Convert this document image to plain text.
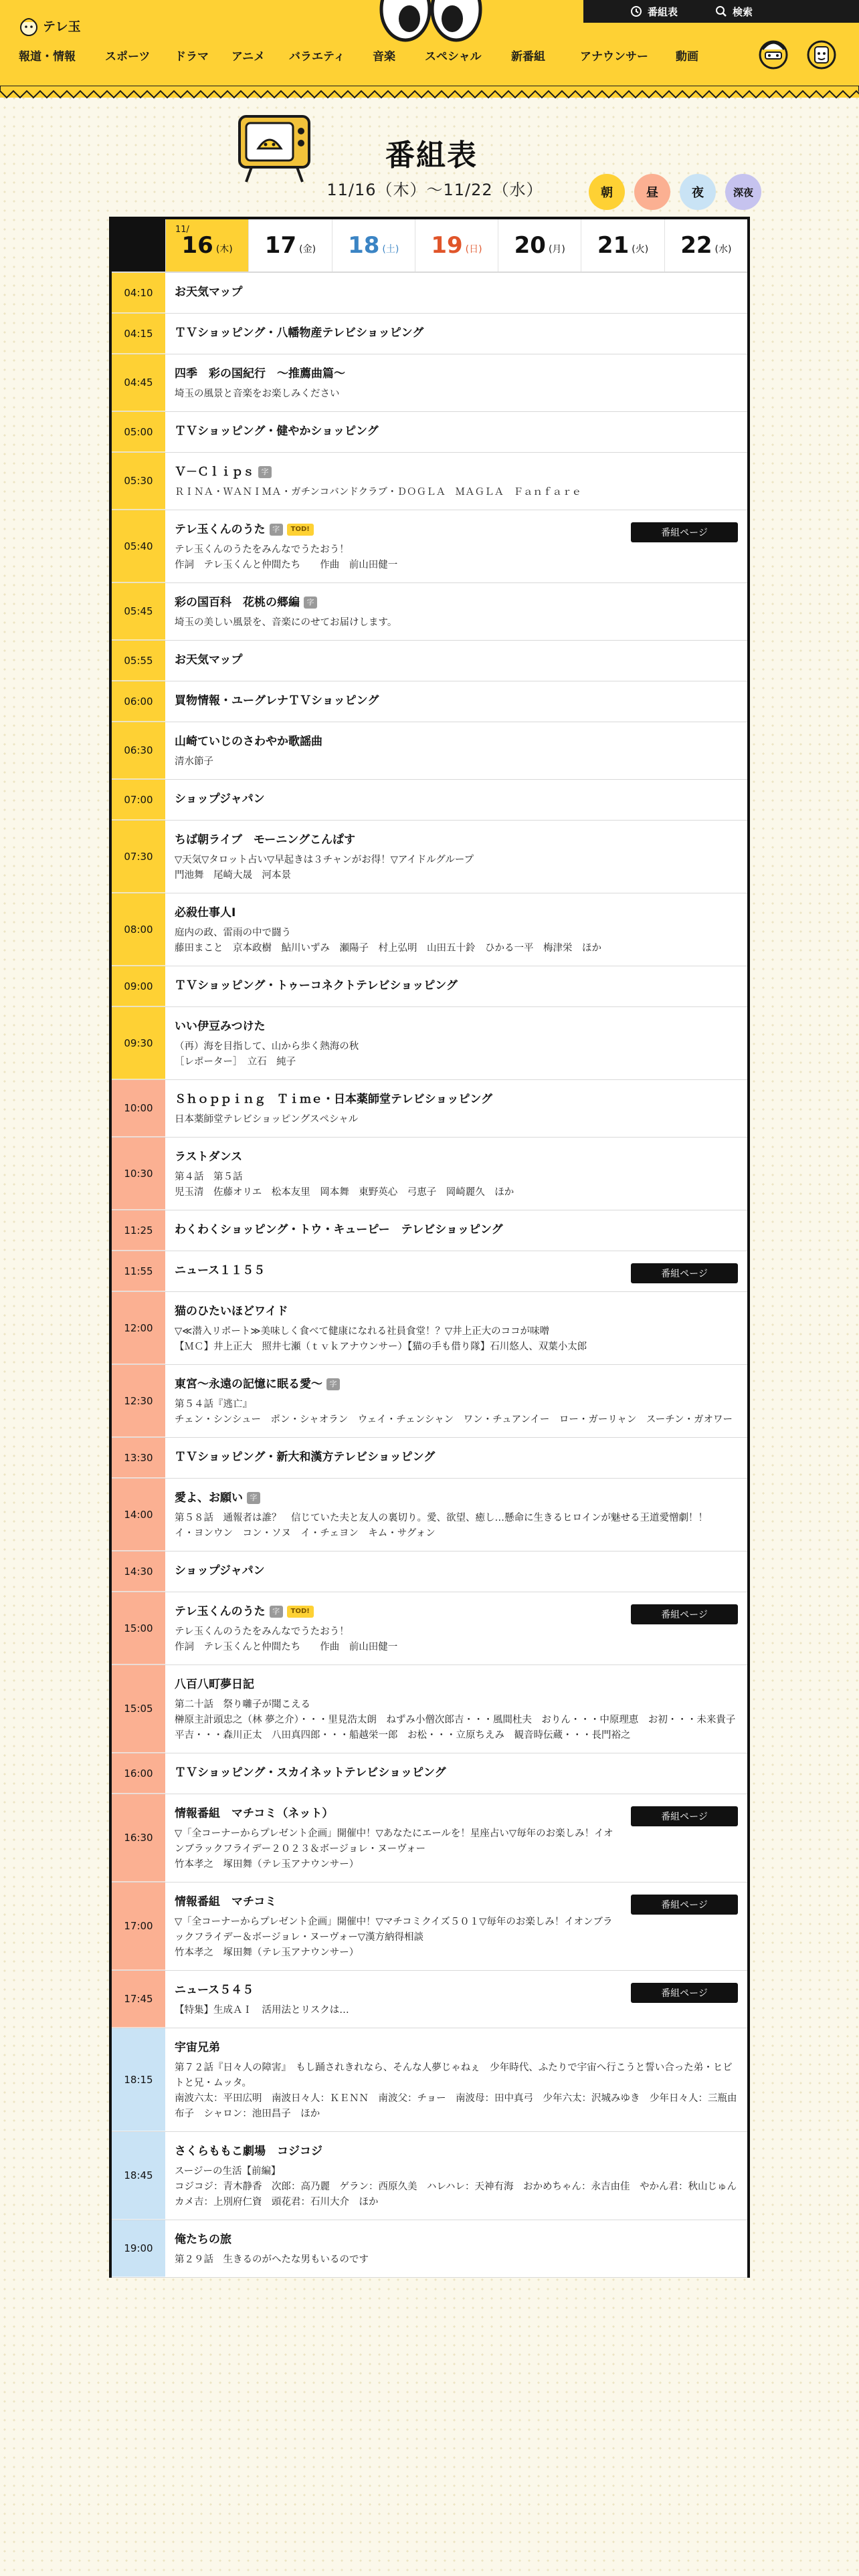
テレ玉
番組表	検索
報道・情報	スポーツ	ドラマ	アニメ	バラエティ	音楽	スペシャル	新番組	アナウンサー	動画
番組表
11/16（木）～11/22（水）	朝	昼	夜	深夜
11/
16 (木) 17 (金) 18 (土) 19 (日) 20 (月) 21 (火) 22 (水)
04:10	お天気マップ
04:15	ＴＶショッピング・八幡物産テレビショッピング
04:45
四季　彩の国紀行　～推薦曲篇～
埼玉の風景と音楽をお楽しみください
05:00	ＴＶショッピング・健やかショッピング
05:30
Ｖ－Ｃｌｉｐｓ 字
ＲＩＮＡ・ＷＡＮＩＭＡ・ガチンコバンドクラブ・ＤＯＧＬＡ　ＭＡＧＬＡ　Ｆａｎｆａｒｅ
05:40
テレ玉くんのうた 字	TOD!
テレ玉くんのうたをみんなでうたおう！
作詞　テレ玉くんと仲間たち　　作曲　前山田健一
番組ページ
05:45
彩の国百科　花桃の郷編 字
埼玉の美しい風景を、音楽にのせてお届けします。
05:55	お天気マップ
06:00	買物情報・ユーグレナＴＶショッピング
06:30
山崎ていじのさわやか歌謡曲
清水節子
07:00	ショップジャパン
07:30
ちば朝ライブ　モーニングこんぱす
▽天気▽タロット占い▽早起きは３チャンがお得！▽アイドルグループ
門池舞　尾崎大晟　河本景
08:00
必殺仕事人Ⅰ
庭内の政、雷雨の中で闘う
藤田まこと　京本政樹　鮎川いずみ　瀬陽子　村上弘明　山田五十鈴　ひかる一平　梅津栄　ほか
09:00	ＴＶショッピング・トゥーコネクトテレビショッピング
09:30
いい伊豆みつけた
（再）海を目指して、山から歩く熱海の秋
［レポーター］　立石　純子
10:00
Ｓｈｏｐｐｉｎｇ　Ｔｉｍｅ・日本薬師堂テレビショッピング
日本薬師堂テレビショッピングスペシャル
10:30
ラストダンス
第４話　第５話
児玉清　佐藤オリエ　松本友里　岡本舞　東野英心　弓恵子　岡崎麗久　ほか
11:25	わくわくショッピング・トウ・キューピー　テレビショッピング
11:55	ニュース１１５５	番組ページ
12:00
猫のひたいほどワイド
▽≪潜入リポート≫美味しく食べて健康になれる社員食堂！？▽井上正大のココが味噌
【ＭＣ】井上正大　照井七瀬（ｔｖｋアナウンサー）【猫の手も借り隊】石川悠人、双葉小太郎
12:30
東宮～永遠の記憶に眠る愛～ 字
第５４話『逃亡』
チェン・シンシュー　ポン・シャオラン　ウェイ・チェンシャン　ワン・チュアンイー　ロー・ガーリャン　スーチン・ガオワー
13:30	ＴＶショッピング・新大和漢方テレビショッピング
14:00
愛よ、お願い 字
第５８話　通報者は誰？　信じていた夫と友人の裏切り。愛、欲望、癒し…懸命に生きるヒロインが魅せる王道愛憎劇！！
イ・ヨンウン　コン・ソヌ　イ・チェヨン　キム・サグォン
14:30	ショップジャパン
15:00
テレ玉くんのうた 字	TOD!
テレ玉くんのうたをみんなでうたおう！
作詞　テレ玉くんと仲間たち　　作曲　前山田健一
番組ページ
15:05
八百八町夢日記
第二十話　祭り囃子が聞こえる
榊原主計頭忠之（林 夢之介）・・・里見浩太朗　ねずみ小僧次郎吉・・・風間杜夫　おりん・・・中原理恵　お初・・・未来貴子　平吉・・・森川正太　八田真四郎・・・船越栄一郎　お松・・・立原ちえみ　観音時伝蔵・・・長門裕之
16:00	ＴＶショッピング・スカイネットテレビショッピング
16:30
情報番組　マチコミ（ネット）
▽「全コーナーからプレゼント企画」開催中！▽あなたにエールを！星座占い▽毎年のお楽しみ！イオンブラックフライデー２０２３＆ボージョレ・ヌーヴォー
竹本孝之　塚田舞（テレ玉アナウンサー）
番組ページ
17:00
情報番組　マチコミ
▽「全コーナーからプレゼント企画」開催中！▽マチコミクイズ５０１▽毎年のお楽しみ！イオンブラックフライデー＆ボージョレ・ヌーヴォー▽漢方納得相談
竹本孝之　塚田舞（テレ玉アナウンサー）
番組ページ
17:45
ニュース５４５
【特集】生成ＡＩ　活用法とリスクは…
番組ページ
18:15
宇宙兄弟
第７２話『日々人の障害』　もし踊されきれなら、そんな人夢じゃねぇ　少年時代、ふたりで宇宙へ行こうと誓い合った弟・ヒビトと兄・ムッタ。
南波六太：平田広明　南波日々人：ＫＥＮＮ　南波父：チョー　南波母：田中真弓　少年六太：沢城みゆき　少年日々人：三瓶由布子　シャロン：池田昌子　ほか
18:45
さくらももこ劇場　コジコジ
スージーの生活【前編】
コジコジ：青木静香　次郎：高乃麗　ゲラン：西原久美　ハレハレ：天神有海　おかめちゃん：永吉由佳　やかん君：秋山じゅん　カメ吉：上別府仁資　頭花君：石川大介　ほか
19:00
俺たちの旅
第２９話　生きるのがへたな男もいるのです
